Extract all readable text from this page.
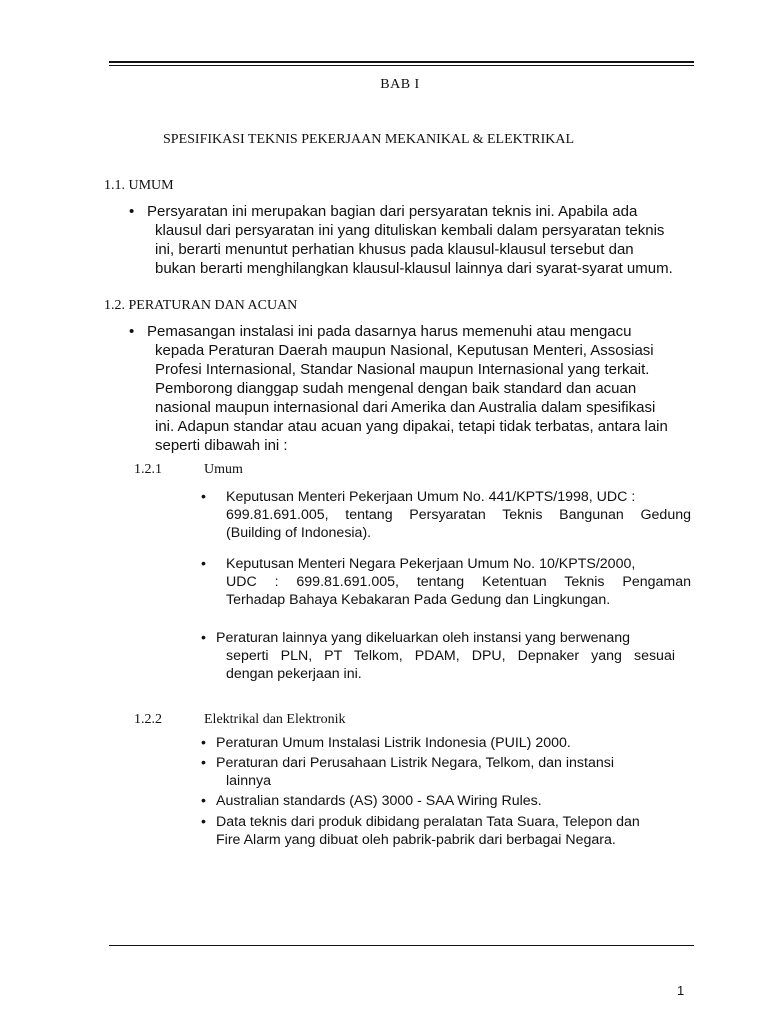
BAB I

SPESIFIKASI TEKNIS PEKERJAAN MEKANIKAL & ELEKTRIKAL

1.1. UMUM

• Persyaratan ini merupakan bagian dari persyaratan teknis ini. Apabila ada
klausul dari persyaratan ini yang dituliskan kembali dalam persyaratan teknis
ini, berarti menuntut perhatian khusus pada klausul-klausul tersebut dan
bukan berarti menghilangkan klausul-klausul lainnya dari syarat-syarat umum.

1.2. PERATURAN DAN ACUAN

• Pemasangan instalasi ini pada dasarnya harus memenuhi atau mengacu
kepada Peraturan Daerah maupun Nasional, Keputusan Menteri, Assosiasi
Profesi Internasional, Standar Nasional maupun Internasional yang terkait.
Pemborong dianggap sudah mengenal dengan baik standard dan acuan
nasional maupun internasional dari Amerika dan Australia dalam spesifikasi
ini. Adapun standar atau acuan yang dipakai, tetapi tidak terbatas, antara lain
seperti dibawah ini :

1.2.1	Umum

• Keputusan Menteri Pekerjaan Umum No. 441/KPTS/1998, UDC :
699.81.691.005, tentang Persyaratan Teknis Bangunan Gedung
(Building of Indonesia).
• Keputusan Menteri Negara Pekerjaan Umum No. 10/KPTS/2000,
UDC : 699.81.691.005, tentang Ketentuan Teknis Pengaman
Terhadap Bahaya Kebakaran Pada Gedung dan Lingkungan.
• Peraturan lainnya yang dikeluarkan oleh instansi yang berwenang
seperti PLN, PT Telkom, PDAM, DPU, Depnaker yang sesuai
dengan pekerjaan ini.

1.2.2	Elektrikal dan Elektronik

• Peraturan Umum Instalasi Listrik Indonesia (PUIL) 2000.
• Peraturan dari Perusahaan Listrik Negara, Telkom, dan instansi
lainnya
• Australian standards (AS) 3000 - SAA Wiring Rules.
• Data teknis dari produk dibidang peralatan Tata Suara, Telepon dan
Fire Alarm yang dibuat oleh pabrik-pabrik dari berbagai Negara.

1
